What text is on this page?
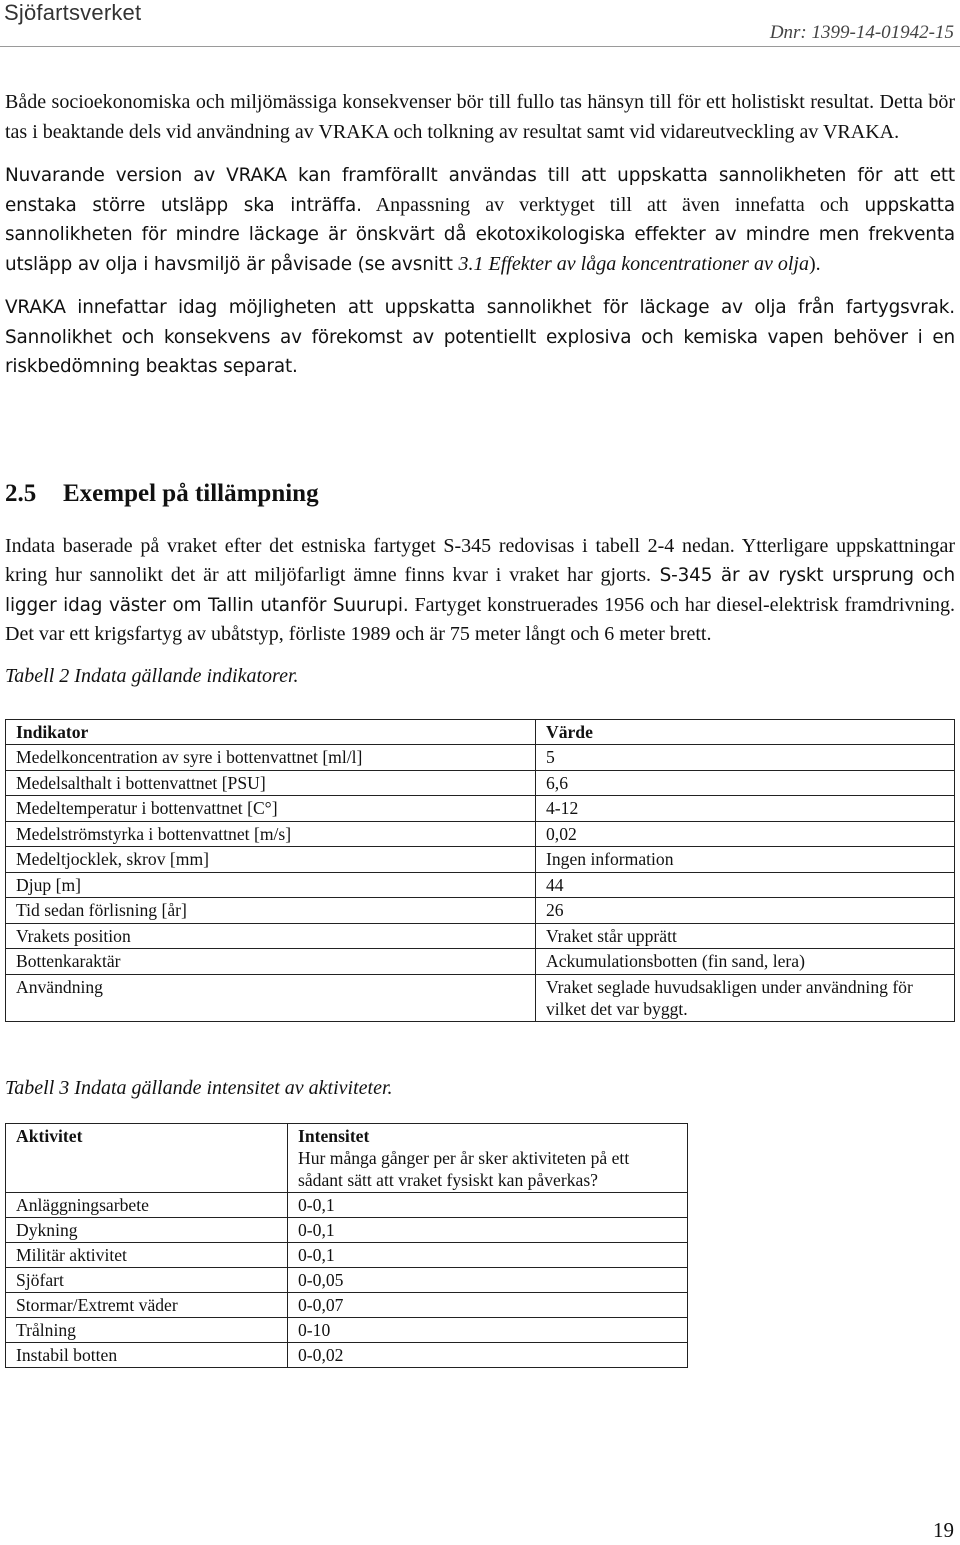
Sjöfartsverket
Dnr: 1399-14-01942-15

Både socioekonomiska och miljömässiga konsekvenser bör till fullo tas hänsyn till för ett holistiskt resultat. Detta bör tas i beaktande dels vid användning av VRAKA och tolkning av resultat samt vid vidareutveckling av VRAKA.

Nuvarande version av VRAKA kan framförallt användas till att uppskatta sannolikheten för att ett enstaka större utsläpp ska inträffa. Anpassning av verktyget till att även innefatta och uppskatta sannolikheten för mindre läckage är önskvärt då ekotoxikologiska effekter av mindre men frekventa utsläpp av olja i havsmiljö är påvisade (se avsnitt 3.1 Effekter av låga koncentrationer av olja).

VRAKA innefattar idag möjligheten att uppskatta sannolikhet för läckage av olja från fartygsvrak. Sannolikhet och konsekvens av förekomst av potentiellt explosiva och kemiska vapen behöver i en riskbedömning beaktas separat.

2.5 Exempel på tillämpning

Indata baserade på vraket efter det estniska fartyget S-345 redovisas i tabell 2-4 nedan. Ytterligare uppskattningar kring hur sannolikt det är att miljöfarligt ämne finns kvar i vraket har gjorts. S-345 är av ryskt ursprung och ligger idag väster om Tallin utanför Suurupi. Fartyget konstruerades 1956 och har diesel-elektrisk framdrivning. Det var ett krigsfartyg av ubåtstyp, förliste 1989 och är 75 meter långt och 6 meter brett.

Tabell 2 Indata gällande indikatorer.
Indikator	Värde
Medelkoncentration av syre i bottenvattnet [ml/l]	5
Medelsalthalt i bottenvattnet [PSU]	6,6
Medeltemperatur i bottenvattnet [C°]	4-12
Medelströmstyrka i bottenvattnet [m/s]	0,02
Medeltjocklek, skrov [mm]	Ingen information
Djup [m]	44
Tid sedan förlisning [år]	26
Vrakets position	Vraket står upprätt
Bottenkaraktär	Ackumulationsbotten (fin sand, lera)
Användning	Vraket seglade huvudsakligen under användning för vilket det var byggt.
Tabell 3 Indata gällande intensitet av aktiviteter.
Aktivitet	Intensitet
Hur många gånger per år sker aktiviteten på ett sådant sätt att vraket fysiskt kan påverkas?

Anläggningsarbete	0-0,1
Dykning	0-0,1
Militär aktivitet	0-0,1
Sjöfart	0-0,05
Stormar/Extremt väder	0-0,07
Trålning	0-10
Instabil botten	0-0,02
19
